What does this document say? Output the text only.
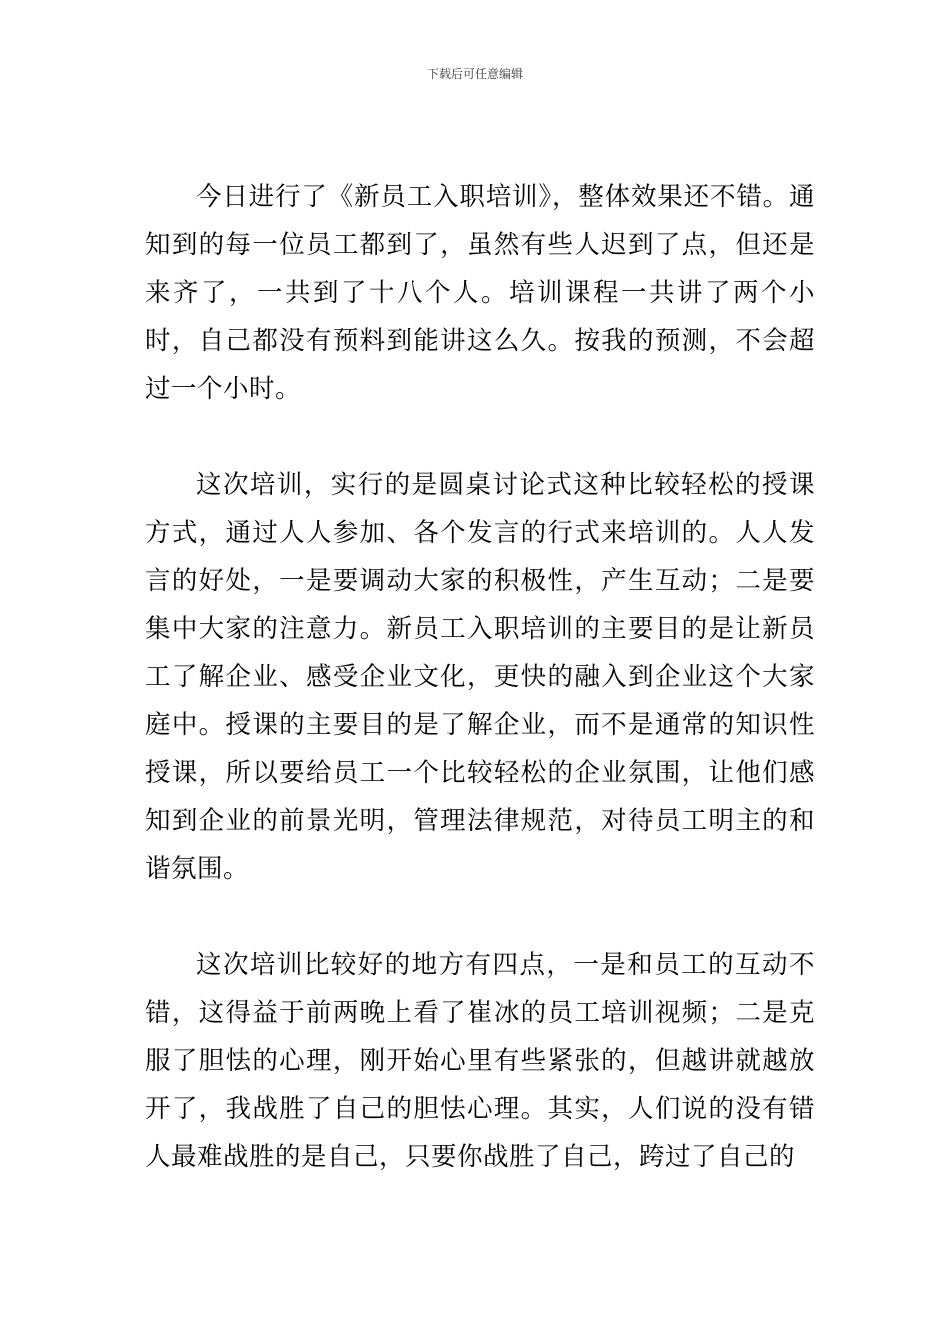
下载后可任意编辑

今日进行了《新员工入职培训》，整体效果还不错。通知到的每一位员工都到了，虽然有些人迟到了点，但还是来齐了，一共到了十八个人。培训课程一共讲了两个小时，自己都没有预料到能讲这么久。按我的预测，不会超过一个小时。

这次培训，实行的是圆桌讨论式这种比较轻松的授课方式，通过人人参加、各个发言的行式来培训的。人人发言的好处，一是要调动大家的积极性，产生互动；二是要集中大家的注意力。新员工入职培训的主要目的是让新员工了解企业、感受企业文化，更快的融入到企业这个大家庭中。授课的主要目的是了解企业，而不是通常的知识性授课，所以要给员工一个比较轻松的企业氛围，让他们感知到企业的前景光明，管理法律规范，对待员工明主的和谐氛围。

这次培训比较好的地方有四点，一是和员工的互动不错，这得益于前两晚上看了崔冰的员工培训视频；二是克服了胆怯的心理，刚开始心里有些紧张的，但越讲就越放开了，我战胜了自己的胆怯心理。其实，人们说的没有错人最难战胜的是自己，只要你战胜了自己，跨过了自己的
